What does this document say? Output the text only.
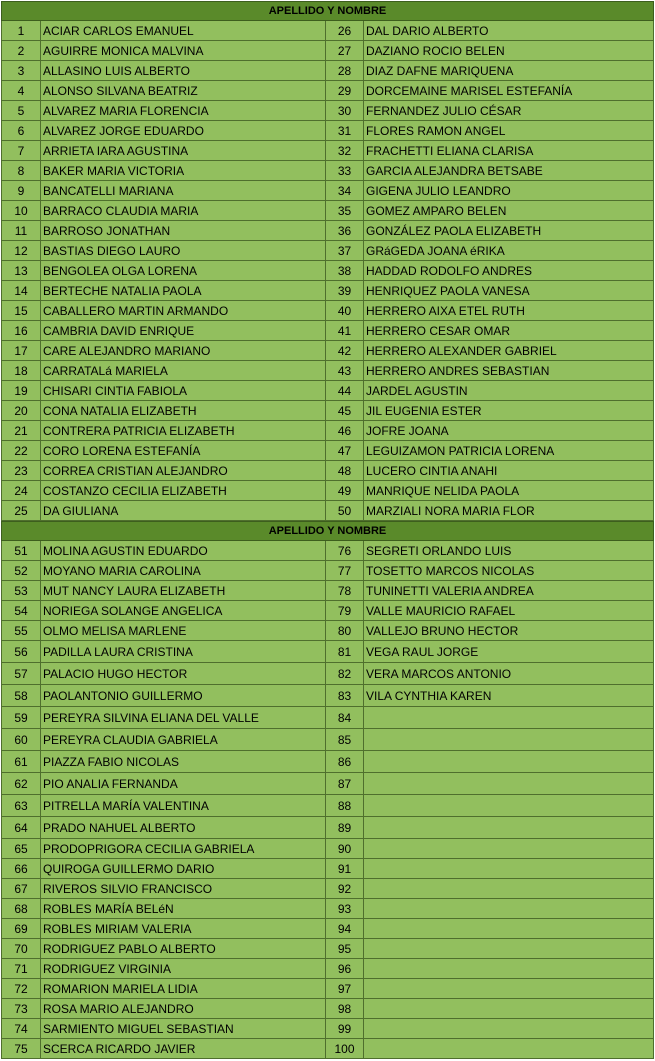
APELLIDO Y NOMBRE
1	ACIAR CARLOS EMANUEL	26	DAL DARIO ALBERTO
2	AGUIRRE MONICA MALVINA	27	DAZIANO ROCIO BELEN
3	ALLASINO LUIS ALBERTO	28	DIAZ DAFNE MARIQUENA
4	ALONSO SILVANA BEATRIZ	29	DORCEMAINE MARISEL ESTEFANÍA
5	ALVAREZ MARIA FLORENCIA	30	FERNANDEZ JULIO CÉSAR
6	ALVAREZ JORGE EDUARDO	31	FLORES RAMON ANGEL
7	ARRIETA IARA AGUSTINA	32	FRACHETTI ELIANA CLARISA
8	BAKER MARIA VICTORIA	33	GARCIA ALEJANDRA BETSABE
9	BANCATELLI MARIANA	34	GIGENA JULIO LEANDRO
10	BARRACO CLAUDIA MARIA	35	GOMEZ AMPARO BELEN
11	BARROSO JONATHAN	36	GONZÁLEZ PAOLA ELIZABETH
12	BASTIAS DIEGO LAURO	37	GRáGEDA JOANA éRIKA
13	BENGOLEA OLGA LORENA	38	HADDAD RODOLFO ANDRES
14	BERTECHE NATALIA PAOLA	39	HENRIQUEZ PAOLA VANESA
15	CABALLERO MARTIN ARMANDO	40	HERRERO AIXA ETEL RUTH
16	CAMBRIA DAVID ENRIQUE	41	HERRERO CESAR OMAR
17	CARE ALEJANDRO MARIANO	42	HERRERO ALEXANDER GABRIEL
18	CARRATALá MARIELA	43	HERRERO ANDRES SEBASTIAN
19	CHISARI CINTIA FABIOLA	44	JARDEL AGUSTIN
20	CONA NATALIA ELIZABETH	45	JIL EUGENIA ESTER
21	CONTRERA PATRICIA ELIZABETH	46	JOFRE JOANA
22	CORO LORENA ESTEFANÍA	47	LEGUIZAMON PATRICIA LORENA
23	CORREA CRISTIAN ALEJANDRO	48	LUCERO CINTIA ANAHI
24	COSTANZO CECILIA ELIZABETH	49	MANRIQUE NELIDA PAOLA
25	DA GIULIANA	50	MARZIALI NORA MARIA FLOR
APELLIDO Y NOMBRE
51	MOLINA AGUSTIN EDUARDO	76	SEGRETI ORLANDO LUIS
52	MOYANO MARIA CAROLINA	77	TOSETTO MARCOS NICOLAS
53	MUT NANCY LAURA ELIZABETH	78	TUNINETTI VALERIA ANDREA
54	NORIEGA SOLANGE ANGELICA	79	VALLE MAURICIO RAFAEL
55	OLMO MELISA MARLENE	80	VALLEJO BRUNO HECTOR
56	PADILLA LAURA CRISTINA	81	VEGA RAUL JORGE
57	PALACIO HUGO HECTOR	82	VERA MARCOS ANTONIO
58	PAOLANTONIO GUILLERMO	83	VILA CYNTHIA KAREN
59	PEREYRA SILVINA ELIANA DEL VALLE	84
60	PEREYRA CLAUDIA GABRIELA	85
61	PIAZZA FABIO NICOLAS	86
62	PIO ANALIA FERNANDA	87
63	PITRELLA MARÍA VALENTINA	88
64	PRADO NAHUEL ALBERTO	89
65	PRODOPRIGORA CECILIA GABRIELA	90
66	QUIROGA GUILLERMO DARIO	91
67	RIVEROS SILVIO FRANCISCO	92
68	ROBLES MARÍA BELéN	93
69	ROBLES MIRIAM VALERIA	94
70	RODRIGUEZ PABLO ALBERTO	95
71	RODRIGUEZ VIRGINIA	96
72	ROMARION MARIELA LIDIA	97
73	ROSA MARIO ALEJANDRO	98
74	SARMIENTO MIGUEL SEBASTIAN	99
75	SCERCA RICARDO JAVIER	100
